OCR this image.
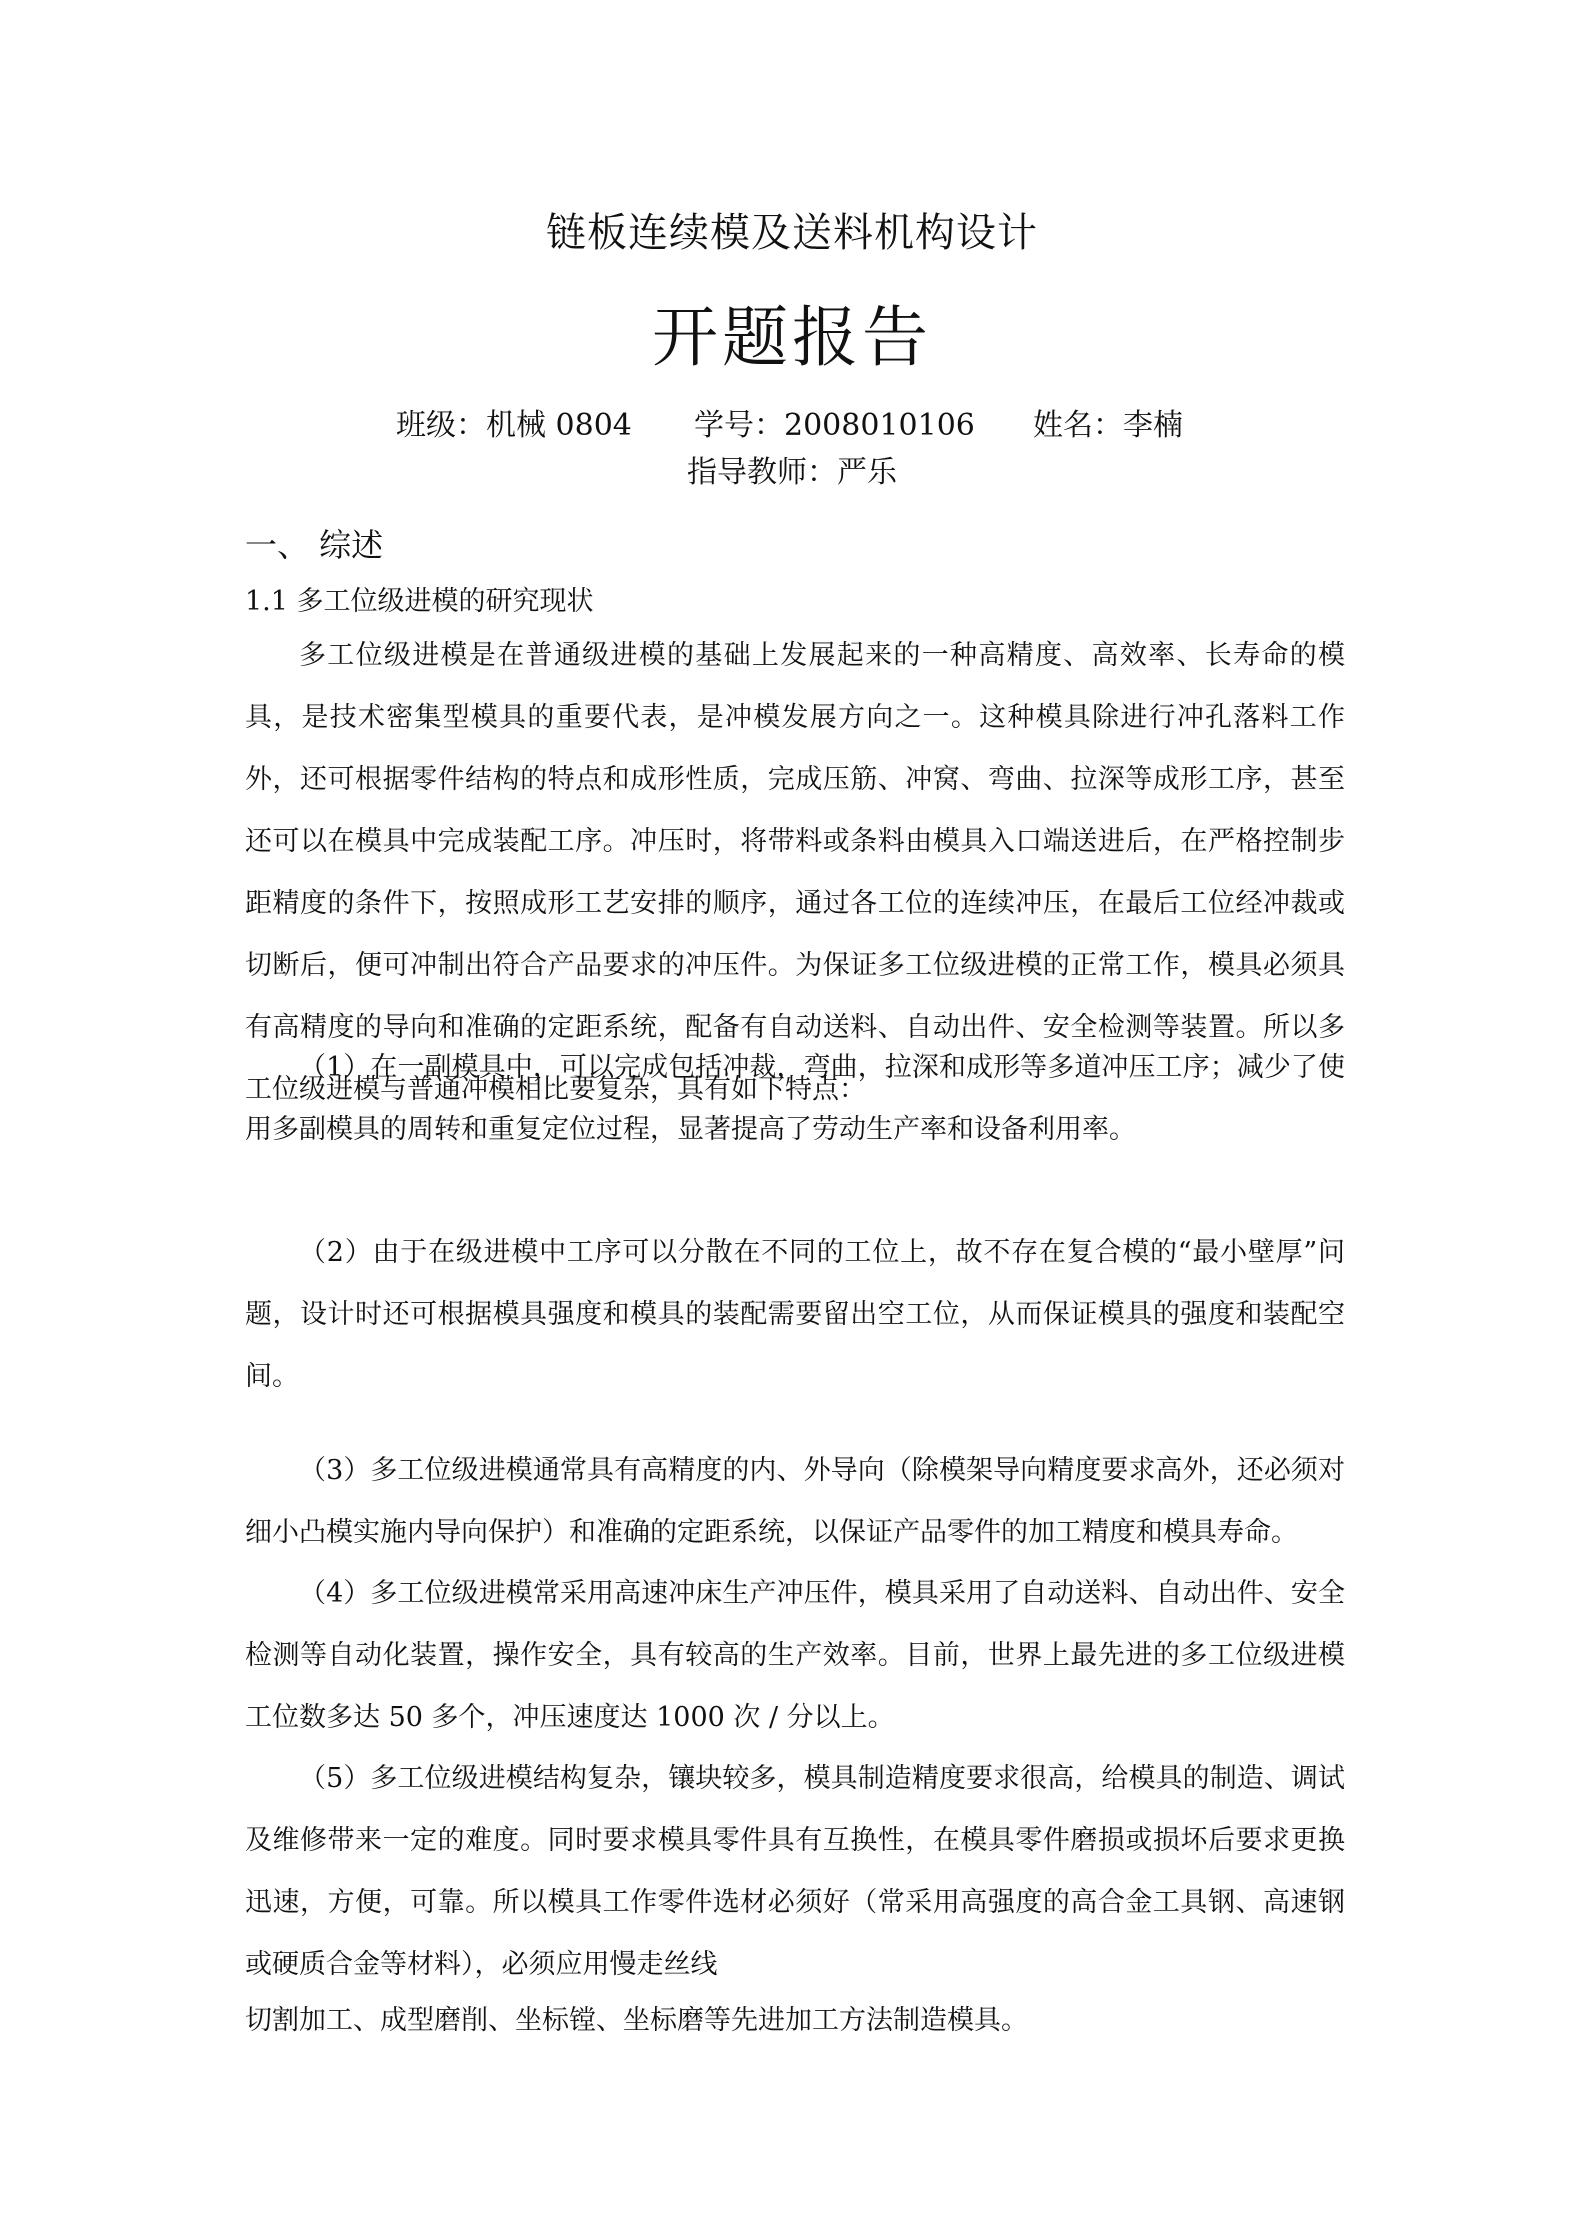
链板连续模及送料机构设计
开题报告
班级：机械 0804 学号：2008010106 姓名：李楠
指导教师：严乐
一、 综述
1.1 多工位级进模的研究现状

多工位级进模是在普通级进模的基础上发展起来的一种高精度、高效率、长寿命的模具，是技术密集型模具的重要代表，是冲模发展方向之一。这种模具除进行冲孔落料工作外，还可根据零件结构的特点和成形性质，完成压筋、冲窝、弯曲、拉深等成形工序，甚至还可以在模具中完成装配工序。冲压时，将带料或条料由模具入口端送进后，在严格控制步距精度的条件下，按照成形工艺安排的顺序，通过各工位的连续冲压，在最后工位经冲裁或切断后，便可冲制出符合产品要求的冲压件。为保证多工位级进模的正常工作，模具必须具有高精度的导向和准确的定距系统，配备有自动送料、自动出件、安全检测等装置。所以多工位级进模与普通冲模相比要复杂，具有如下特点：

（1）在一副模具中，可以完成包括冲裁，弯曲，拉深和成形等多道冲压工序；减少了使用多副模具的周转和重复定位过程，显著提高了劳动生产率和设备利用率。

（2）由于在级进模中工序可以分散在不同的工位上，故不存在复合模的“最小壁厚”问题，设计时还可根据模具强度和模具的装配需要留出空工位，从而保证模具的强度和装配空间。

（3）多工位级进模通常具有高精度的内、外导向（除模架导向精度要求高外，还必须对细小凸模实施内导向保护）和准确的定距系统，以保证产品零件的加工精度和模具寿命。

（4）多工位级进模常采用高速冲床生产冲压件，模具采用了自动送料、自动出件、安全检测等自动化装置，操作安全，具有较高的生产效率。目前，世界上最先进的多工位级进模工位数多达 50 多个，冲压速度达 1000 次 / 分以上。

（5）多工位级进模结构复杂，镶块较多，模具制造精度要求很高，给模具的制造、调试及维修带来一定的难度。同时要求模具零件具有互换性，在模具零件磨损或损坏后要求更换迅速，方便，可靠。所以模具工作零件选材必须好（常采用高强度的高合金工具钢、高速钢或硬质合金等材料），必须应用慢走丝线

切割加工、成型磨削、坐标镗、坐标磨等先进加工方法制造模具。
